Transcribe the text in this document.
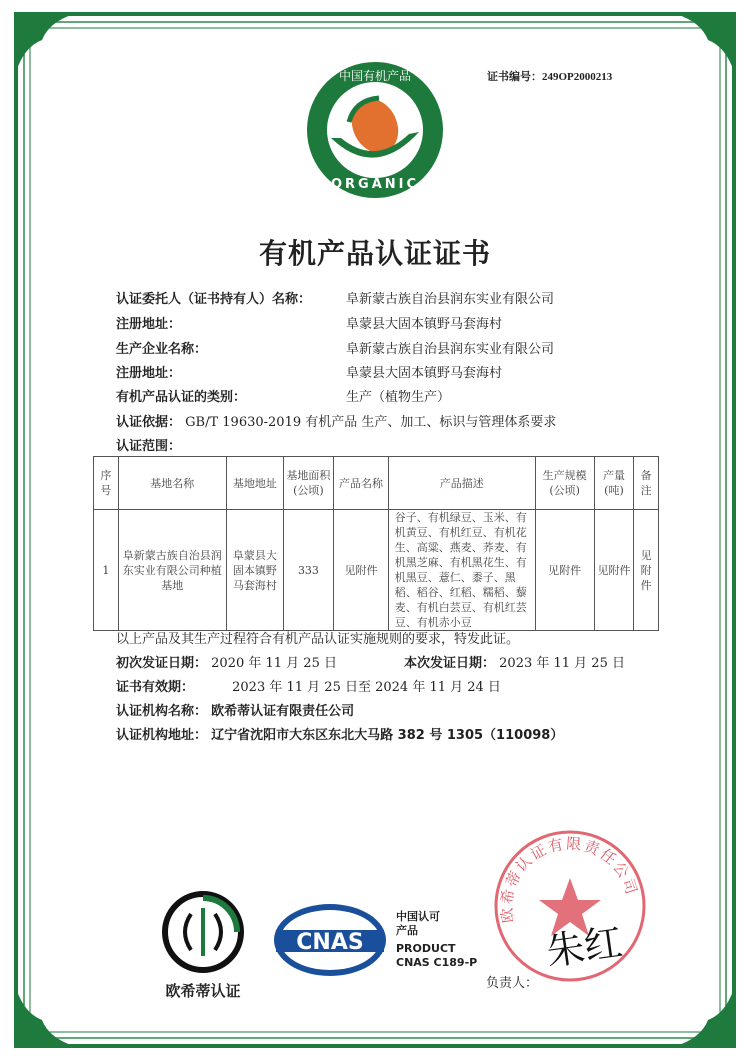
证书编号：249OP2000213
中国有机产品
ORGANIC
有机产品认证证书
认证委托人（证书持有人）名称：	阜新蒙古族自治县润东实业有限公司
注册地址：	阜蒙县大固本镇野马套海村
生产企业名称：	阜新蒙古族自治县润东实业有限公司
注册地址：	阜蒙县大固本镇野马套海村
有机产品认证的类别：	生产（植物生产）
认证依据： GB/T 19630-2019 有机产品 生产、加工、标识与管理体系要求
认证范围：
序号	基地名称	基地地址	基地面积(公顷)	产品名称	产品描述	生产规模(公顷)	产量(吨)	备注
1	阜新蒙古族自治县润东实业有限公司种植基地	阜蒙县大固本镇野马套海村	333	见附件	谷子、有机绿豆、玉米、有机黄豆、有机红豆、有机花生、高粱、燕麦、荞麦、有机黑芝麻、有机黑花生、有机黑豆、薏仁、黍子、黑稻、稻谷、红稻、糯稻、藜麦、有机白芸豆、有机红芸豆、有机赤小豆	见附件	见附件	见附件
以上产品及其生产过程符合有机产品认证实施规则的要求，特发此证。
初次发证日期： 2020 年 11 月 25 日	本次发证日期： 2023 年 11 月 25 日
证书有效期：	2023 年 11 月 25 日至 2024 年 11 月 24 日
认证机构名称： 欧希蒂认证有限责任公司
认证机构地址： 辽宁省沈阳市大东区东北大马路 382 号 1305（110098）
欧希蒂认证
CNAS
中国认可
产品
PRODUCT
CNAS C189-P
欧希蒂认证有限责任公司
负责人：
朱红
